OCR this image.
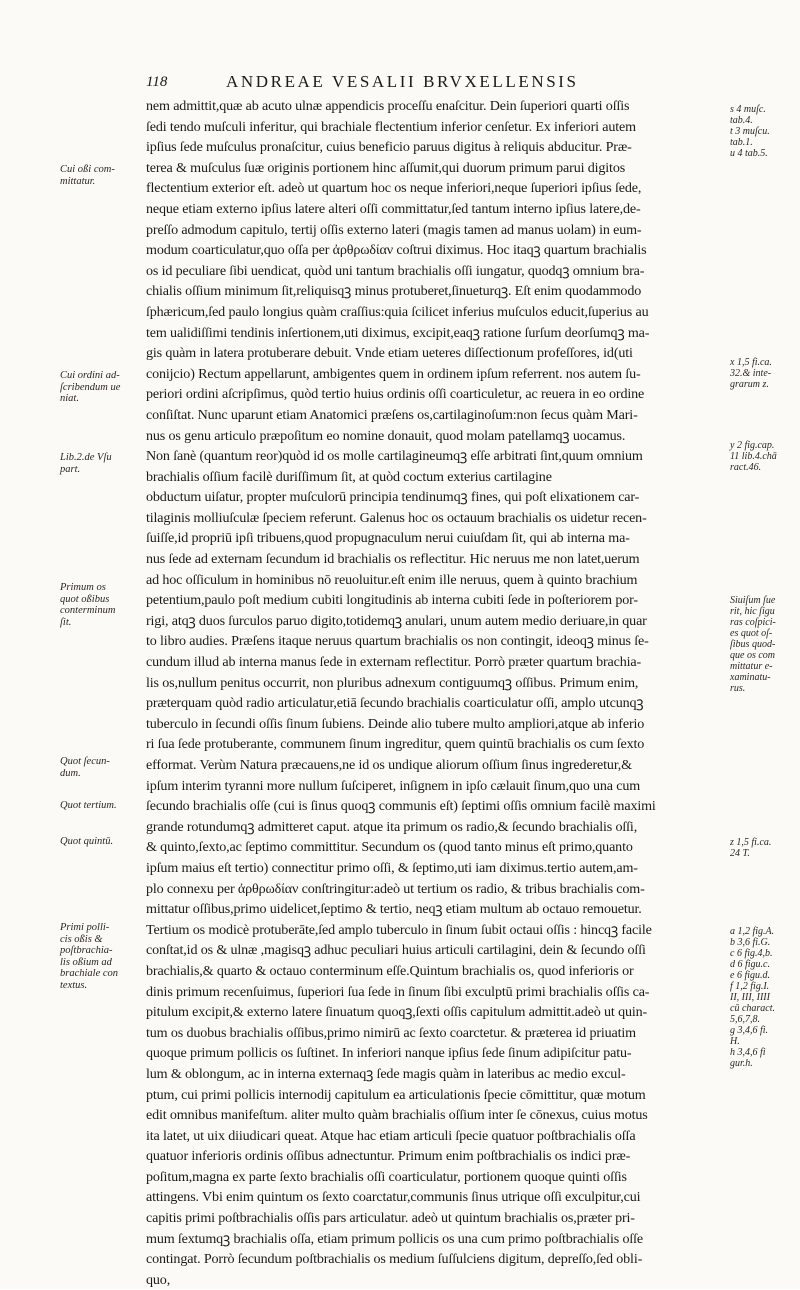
118	ANDREAE VESALII BRVXELLENSIS
nem admittit,quæ ab acuto ulnæ appendicis proceſſu enaſcitur. Dein ſuperiori quarti oſſis
ſedi tendo muſculi inferitur, qui brachiale flectentium inferior cenſetur. Ex inferiori autem
ipſius ſede muſculus pronaſcitur, cuius beneficio paruus digitus à reliquis abducitur. Præ-
terea & muſculus ſuæ originis portionem hinc aſſumit,qui duorum primum parui digitos
flectentium exterior eſt. adeò ut quartum hoc os neque inferiori,neque ſuperiori ipſius ſede,
neque etiam externo ipſius latere alteri oſſi committatur,ſed tantum interno ipſius latere,de-
preſſo admodum capitulo, tertij oſſis externo lateri (magis tamen ad manus uolam) in eum-
modum coarticulatur,quo oſſa per ἀρθρωδίαν coſtrui diximus. Hoc itaqꝫ quartum brachialis
os id peculiare ſibi uendicat, quòd uni tantum brachialis oſſi iungatur, quodqꝫ omnium bra-
chialis oſſium minimum ſit,reliquisqꝫ minus protuberet,ſinueturqꝫ. Eſt enim quodammodo
ſphæricum,ſed paulo longius quàm craſſius:quia ſcilicet inferius muſculos educit,ſuperius au
tem ualidiſſimi tendinis inſertionem,uti diximus, excipit,eaqꝫ ratione ſurſum deorſumqꝫ ma-
gis quàm in latera protuberare debuit. Vnde etiam ueteres diſſectionum profeſſores, id(uti
conijcio) Rectum appellarunt, ambigentes quem in ordinem ipſum referrent. nos autem ſu-
periori ordini aſcripſimus, quòd tertio huius ordinis oſſi coarticuletur, ac reuera in eo ordine
conſiſtat. Nunc uparunt etiam Anatomici præſens os,cartilaginoſum:non ſecus quàm Mari-
nus os genu articulo præpoſitum eo nomine donauit, quod molam patellamqꝫ uocamus.
Non ſanè (quantum reor)quòd id os molle cartilagineumqꝫ eſſe arbitrati ſint,quum omnium
brachialis oſſium facilè duriſſimum ſit, at quòd coctum exterius cartilagine
obductum uiſatur, propter muſculorū principia tendinumqꝫ fines, qui poſt elixationem car-
tilaginis molliuſculæ ſpeciem referunt. Galenus hoc os octauum brachialis os uidetur recen-
ſuiſſe,id propriū ipſi tribuens,quod propugnaculum nerui cuiuſdam ſit, qui ab interna ma-
nus ſede ad externam ſecundum id brachialis os reflectitur. Hic neruus me non latet,uerum
ad hoc oſſiculum in hominibus nō reuoluitur.eſt enim ille neruus, quem à quinto brachium
petentium,paulo poſt medium cubiti longitudinis ab interna cubiti ſede in poſteriorem por-
rigi, atqꝫ duos ſurculos paruo digito,totidemqꝫ anulari, unum autem medio deriuare,in quar
to libro audies. Præſens itaque neruus quartum brachialis os non contingit, ideoqꝫ minus ſe-
cundum illud ab interna manus ſede in externam reflectitur. Porrò præter quartum brachia-
lis os,nullum penitus occurrit, non pluribus adnexum contiguumqꝫ oſſibus. Primum enim,
præterquam quòd radio articulatur,etiā ſecundo brachialis coarticulatur oſſi, amplo utcunqꝫ
tuberculo in ſecundi oſſis ſinum ſubiens. Deinde alio tubere multo ampliori,atque ab inferio
ri ſua ſede protuberante, communem ſinum ingreditur, quem quintū brachialis os cum ſexto
efformat. Verùm Natura præcauens,ne id os undique aliorum oſſium ſinus ingrederetur,&
ipſum interim tyranni more nullum ſuſciperet, inſignem in ipſo cælauit ſinum,quo una cum
ſecundo brachialis oſſe (cui is ſinus quoqꝫ communis eſt) ſeptimi oſſis omnium facilè maximi
grande rotundumqꝫ admitteret caput. atque ita primum os radio,& ſecundo brachialis oſſi,
& quinto,ſexto,ac ſeptimo committitur. Secundum os (quod tanto minus eſt primo,quanto
ipſum maius eſt tertio) connectitur primo oſſi, & ſeptimo,uti iam diximus.tertio autem,am-
plo connexu per ἀρθρωδίαν conſtringitur:adeò ut tertium os radio, & tribus brachialis com-
mittatur oſſibus,primo uidelicet,ſeptimo & tertio, neqꝫ etiam multum ab octauo remouetur.
Tertium os modicè protuberāte,ſed amplo tuberculo in ſinum ſubit octaui oſſis : hincqꝫ facile
conſtat,id os & ulnæ ,magisqꝫ adhuc peculiari huius articuli cartilagini, dein & ſecundo oſſi
brachialis,& quarto & octauo conterminum eſſe.Quintum brachialis os, quod inferioris or
dinis primum recenſuimus, ſuperiori ſua ſede in ſinum ſibi exculptū primi brachialis oſſis ca-
pitulum excipit,& externo latere ſinuatum quoqꝫ,ſexti oſſis capitulum admittit.adeò ut quin-
tum os duobus brachialis oſſibus,primo nimirū ac ſexto coarctetur. & præterea id priuatim
quoque primum pollicis os ſuſtinet. In inferiori nanque ipſius ſede ſinum adipiſcitur patu-
lum & oblongum, ac in interna externaqꝫ ſede magis quàm in lateribus ac medio excul-
ptum, cui primi pollicis internodij capitulum ea articulationis ſpecie cōmittitur, quæ motum
edit omnibus manifeſtum. aliter multo quàm brachialis oſſium inter ſe cōnexus, cuius motus
ita latet, ut uix diiudicari queat. Atque hac etiam articuli ſpecie quatuor poſtbrachialis oſſa
quatuor inferioris ordinis oſſibus adnectuntur. Primum enim poſtbrachialis os indici præ-
poſitum,magna ex parte ſexto brachialis oſſi coarticulatur, portionem quoque quinti oſſis
attingens. Vbi enim quintum os ſexto coarctatur,communis ſinus utrique oſſi exculpitur,cui
capitis primi poſtbrachialis oſſis pars articulatur. adeò ut quintum brachialis os,præter pri-
mum ſextumqꝫ brachialis oſſa, etiam primum pollicis os una cum primo poſtbrachialis oſſe
contingat. Porrò ſecundum poſtbrachialis os medium ſuſſulciens digitum, depreſſo,ſed obli-
quo,
Cui oßi com-
mittatur.
Cui ordini ad-
ſcribendum ue
niat.
Lib.2.de Vſu
part.
Primum os
quot oßibus
conterminum
ſit.
Quot ſecun-
dum.
Quot tertium.
Quot quintū.
Primi polli-
cis oßis &
poſtbrachia-
lis oßium ad
brachiale con
textus.
s 4 muſc.
tab.4.
t 3 muſcu.
tab.1.
u 4 tab.5.
x 1,5 fi.ca.
32.& inte-
grarum z.
y 2 fig.cap.
11 lib.4.chā
ract.46.
Siuiſum ſue
rit, hic ſigu
ras coſpici-
es quot oſ-
ſibus quod-
que os com
mittatur e-
xaminatu-
rus.
z 1,5 fi.ca.
24 T.
a 1,2 fig.A.
b 3,6 fi.G.
c 6 fig.4,b.
d 6 figu.c.
e 6 figu.d.
f 1,2 fig.I.
II, III, IIII
cū charact.
5,6,7,8.
g 3,4,6 fi.
H.
h 3,4,6 fi
gur.h.
